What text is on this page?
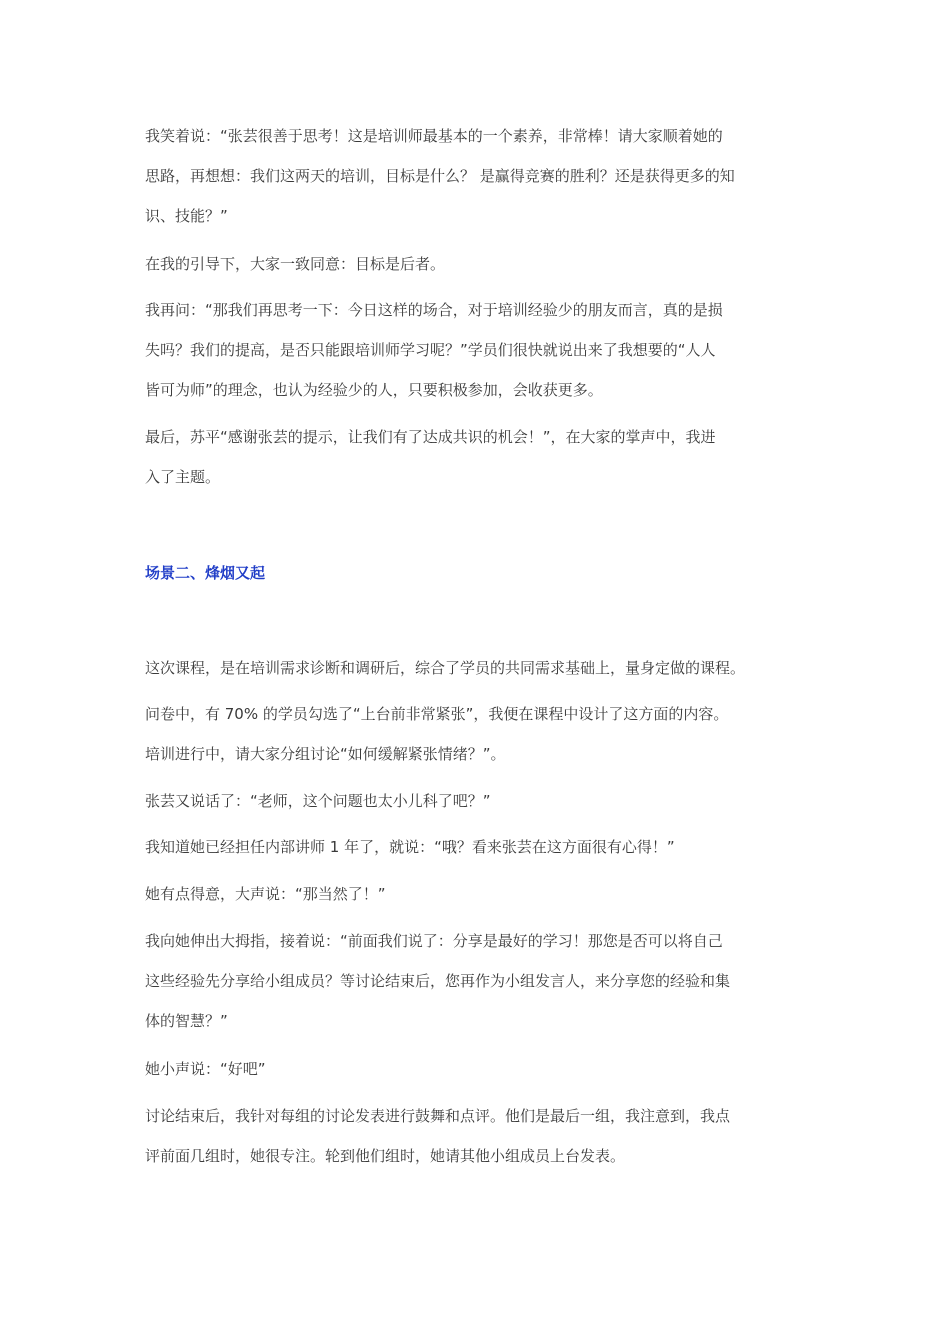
我笑着说：“张芸很善于思考！这是培训师最基本的一个素养，非常棒！请大家顺着她的
思路，再想想：我们这两天的培训，目标是什么？ 是赢得竞赛的胜利？还是获得更多的知
识、技能？”
在我的引导下，大家一致同意：目标是后者。
我再问：“那我们再思考一下：今日这样的场合，对于培训经验少的朋友而言，真的是损
失吗？我们的提高，是否只能跟培训师学习呢？”学员们很快就说出来了我想要的“人人
皆可为师”的理念，也认为经验少的人，只要积极参加，会收获更多。
最后，苏平“感谢张芸的提示，让我们有了达成共识的机会！”，在大家的掌声中，我进
入了主题。
场景二、烽烟又起
这次课程，是在培训需求诊断和调研后，综合了学员的共同需求基础上，量身定做的课程。
问卷中，有 70% 的学员勾选了“上台前非常紧张”，我便在课程中设计了这方面的内容。
培训进行中，请大家分组讨论“如何缓解紧张情绪？”。
张芸又说话了：“老师，这个问题也太小儿科了吧？”
我知道她已经担任内部讲师 1 年了，就说：“哦？看来张芸在这方面很有心得！”
她有点得意，大声说：“那当然了！”
我向她伸出大拇指，接着说：“前面我们说了：分享是最好的学习！那您是否可以将自己
这些经验先分享给小组成员？等讨论结束后，您再作为小组发言人，来分享您的经验和集
体的智慧？”
她小声说：“好吧”
讨论结束后，我针对每组的讨论发表进行鼓舞和点评。他们是最后一组，我注意到，我点
评前面几组时，她很专注。轮到他们组时，她请其他小组成员上台发表。
